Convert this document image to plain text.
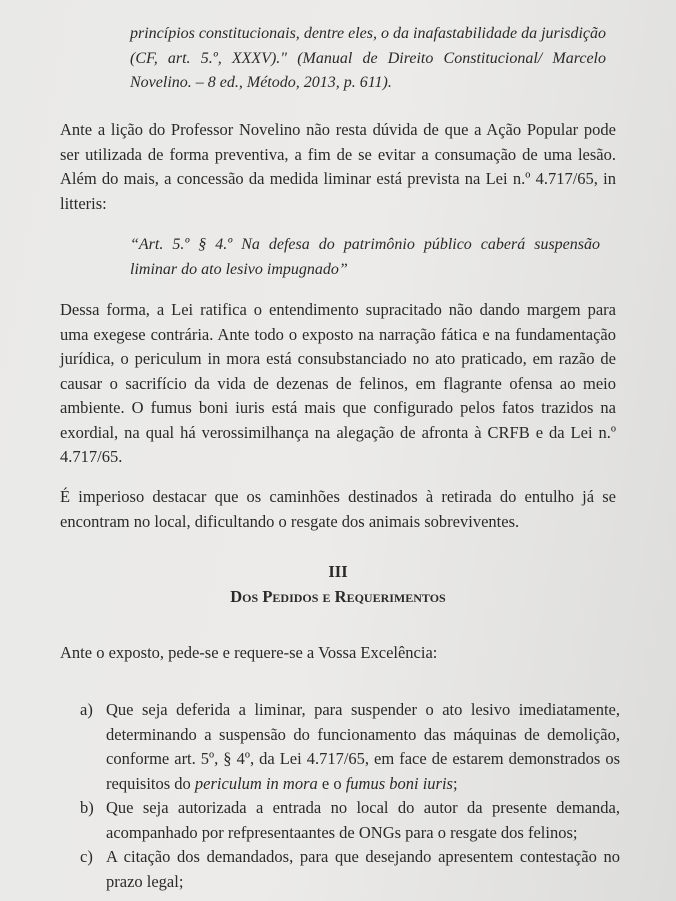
princípios constitucionais, dentre eles, o da inafastabilidade da jurisdição (CF, art. 5.º, XXXV)." (Manual de Direito Constitucional/ Marcelo Novelino. – 8 ed., Método, 2013, p. 611).
Ante a lição do Professor Novelino não resta dúvida de que a Ação Popular pode ser utilizada de forma preventiva, a fim de se evitar a consumação de uma lesão. Além do mais, a concessão da medida liminar está prevista na Lei n.º 4.717/65, in litteris:
“Art. 5.º § 4.º Na defesa do patrimônio público caberá suspensão liminar do ato lesivo impugnado”
Dessa forma, a Lei ratifica o entendimento supracitado não dando margem para uma exegese contrária. Ante todo o exposto na narração fática e na fundamentação jurídica, o periculum in mora está consubstanciado no ato praticado, em razão de causar o sacrifício da vida de dezenas de felinos, em flagrante ofensa ao meio ambiente. O fumus boni iuris está mais que configurado pelos fatos trazidos na exordial, na qual há verossimilhança na alegação de afronta à CRFB e da Lei n.º 4.717/65.
É imperioso destacar que os caminhões destinados à retirada do entulho já se encontram no local, dificultando o resgate dos animais sobreviventes.
III
Dos Pedidos e Requerimentos
Ante o exposto, pede-se e requere-se a Vossa Excelência:
a) Que seja deferida a liminar, para suspender o ato lesivo imediatamente, determinando a suspensão do funcionamento das máquinas de demolição, conforme art. 5º, § 4º, da Lei 4.717/65, em face de estarem demonstrados os requisitos do periculum in mora e o fumus boni iuris;
b) Que seja autorizada a entrada no local do autor da presente demanda, acompanhado por refpresentaantes de ONGs para o resgate dos felinos;
c) A citação dos demandados, para que desejando apresentem contestação no prazo legal;
